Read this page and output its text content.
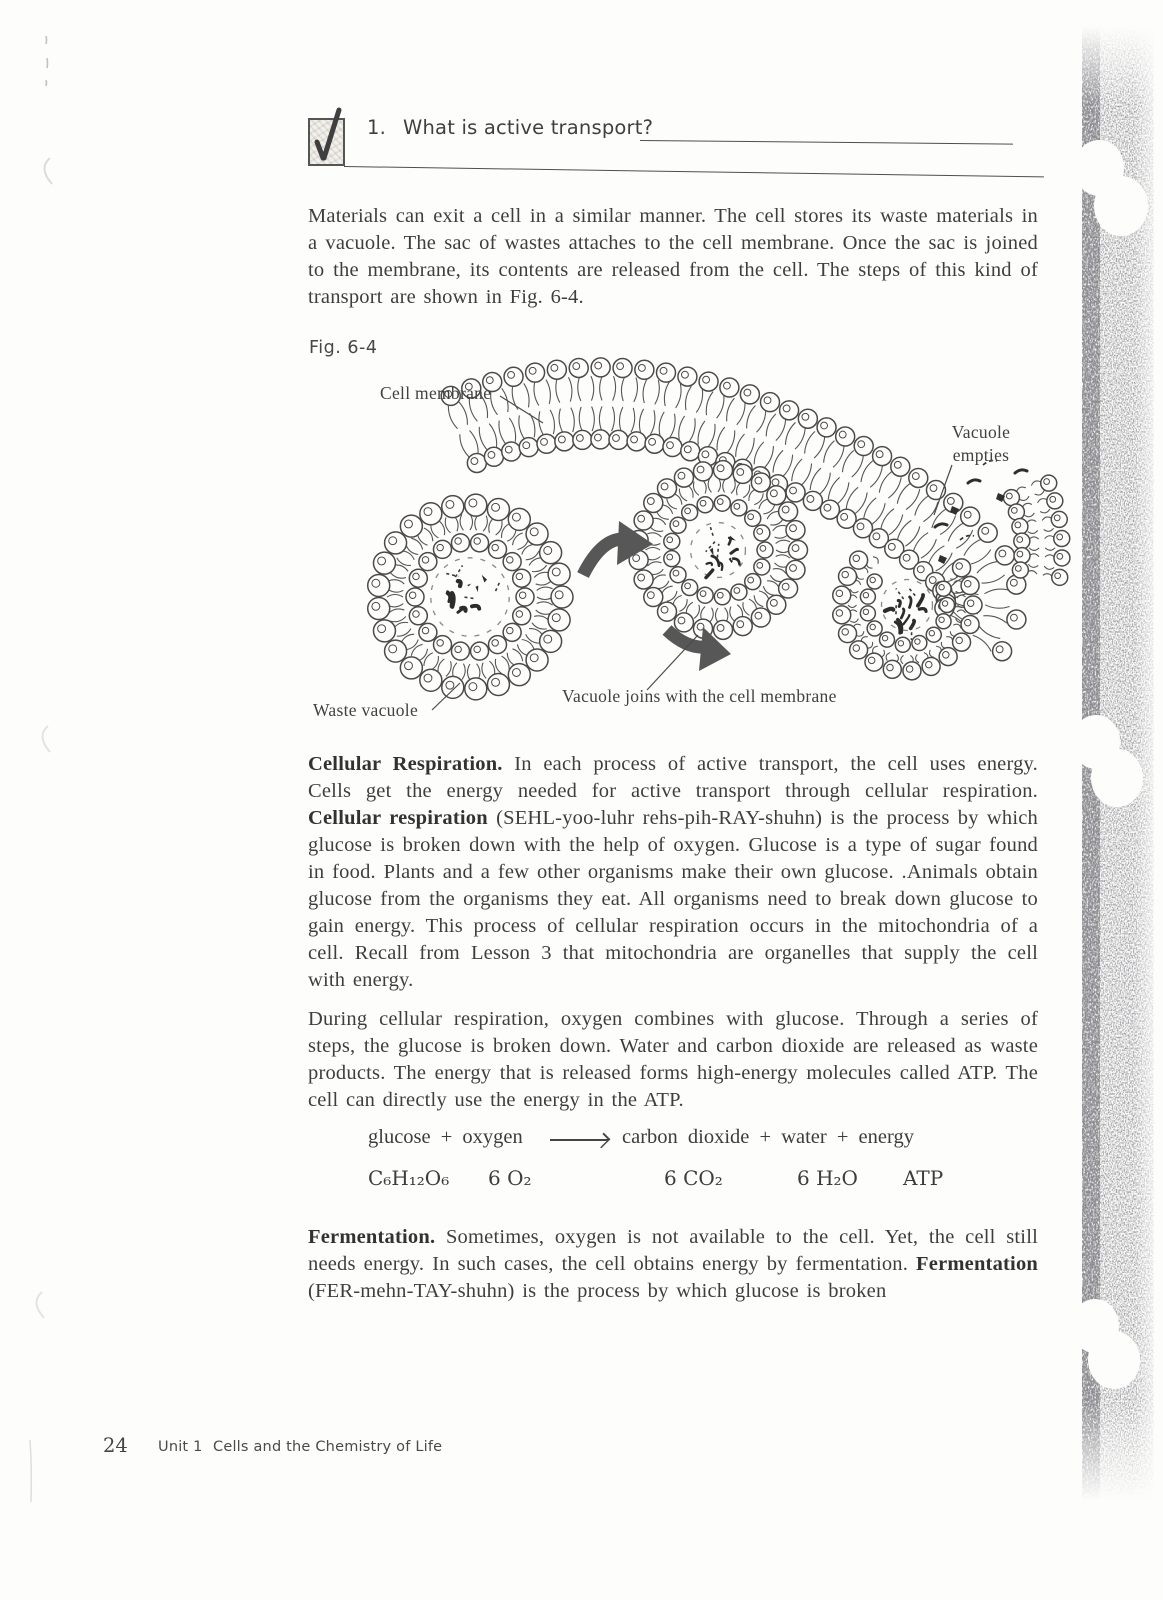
1. What is active transport?

Materials can exit a cell in a similar manner. The cell stores its waste materials in a vacuole. The sac of wastes attaches to the cell membrane. Once the sac is joined to the membrane, its contents are released from the cell. The steps of this kind of transport are shown in Fig. 6-4.

Fig. 6-4
Cell membrane
Vacuole empties
Waste vacuole
Vacuole joins with the cell membrane

Cellular Respiration. In each process of active transport, the cell uses energy. Cells get the energy needed for active transport through cellular respiration. Cellular respiration (SEHL-yoo-luhr rehs-pih-RAY-shuhn) is the process by which glucose is broken down with the help of oxygen. Glucose is a type of sugar found in food. Plants and a few other organisms make their own glucose. .Animals obtain glucose from the organisms they eat. All organisms need to break down glucose to gain energy. This process of cellular respiration occurs in the mitochondria of a cell. Recall from Lesson 3 that mitochondria are organelles that supply the cell with energy.

During cellular respiration, oxygen combines with glucose. Through a series of steps, the glucose is broken down. Water and carbon dioxide are released as waste products. The energy that is released forms high-energy molecules called ATP. The cell can directly use the energy in the ATP.

glucose + oxygen	carbon dioxide + water + energy
C₆H₁₂O₆ 6 O₂	6 CO₂	6 H₂O ATP

Fermentation. Sometimes, oxygen is not available to the cell. Yet, the cell still needs energy. In such cases, the cell obtains energy by fermentation. Fermentation (FER-mehn-TAY-shuhn) is the process by which glucose is broken

24 Unit 1 Cells and the Chemistry of Life
